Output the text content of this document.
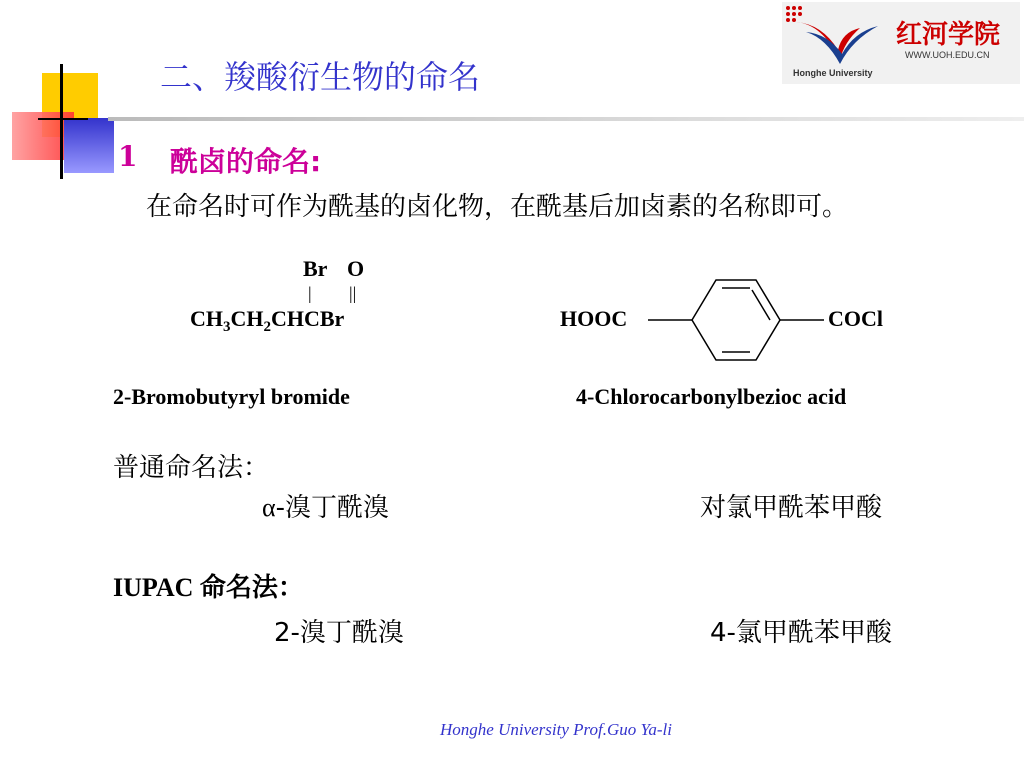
二、羧酸衍生物的命名
红河学院
WWW.UOH.EDU.CN
Honghe University
1 酰卤的命名:
在命名时可作为酰基的卤化物，在酰基后加卤素的名称即可。
Br O
| ||
$CH_3CH_2CHCBr$	HOOC	COCl
2-Bromobutyryl bromide	4-Chlorocarbonylbezioc acid
普通命名法：
α-溴丁酰溴	对氯甲酰苯甲酸
IUPAC 命名法：
2-溴丁酰溴	4-氯甲酰苯甲酸
Honghe University Prof.Guo Ya-li
